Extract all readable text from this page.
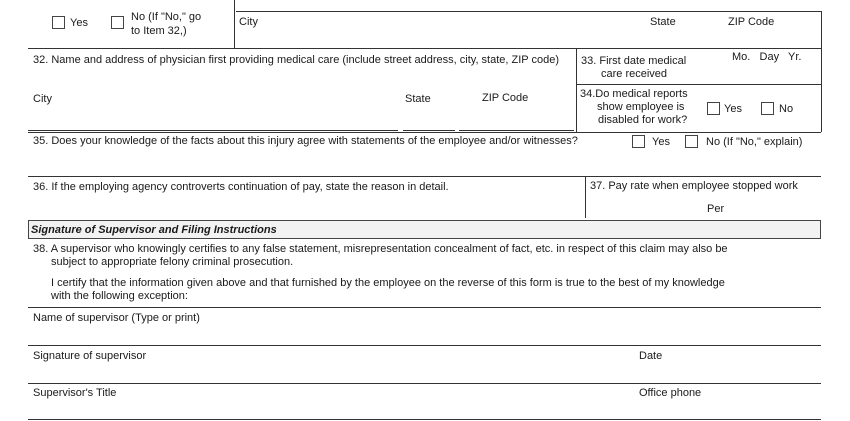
Yes	No (If "No," go
to Item 32,)
City	State	ZIP Code
32. Name and address of physician first providing medical care (include street address, city, state, ZIP code) 33. First date medical
care received
Mo.   Day   Yr.
City	State	ZIP Code	34.Do medical reports
show employee is
disabled for work?
Yes	No
35. Does your knowledge of the facts about this injury agree with statements of the employee and/or witnesses?	Yes	No (If "No," explain)
36. If the employing agency controverts continuation of pay, state the reason in detail.	37. Pay rate when employee stopped work
Per
Signature of Supervisor and Filing Instructions
38. A supervisor who knowingly certifies to any false statement, misrepresentation concealment of fact, etc. in respect of this claim may also be
subject to appropriate felony criminal prosecution.
I certify that the information given above and that furnished by the employee on the reverse of this form is true to the best of my knowledge
with the following exception:
Name of supervisor (Type or print)
Signature of supervisor	Date
Supervisor's Title	Office phone
